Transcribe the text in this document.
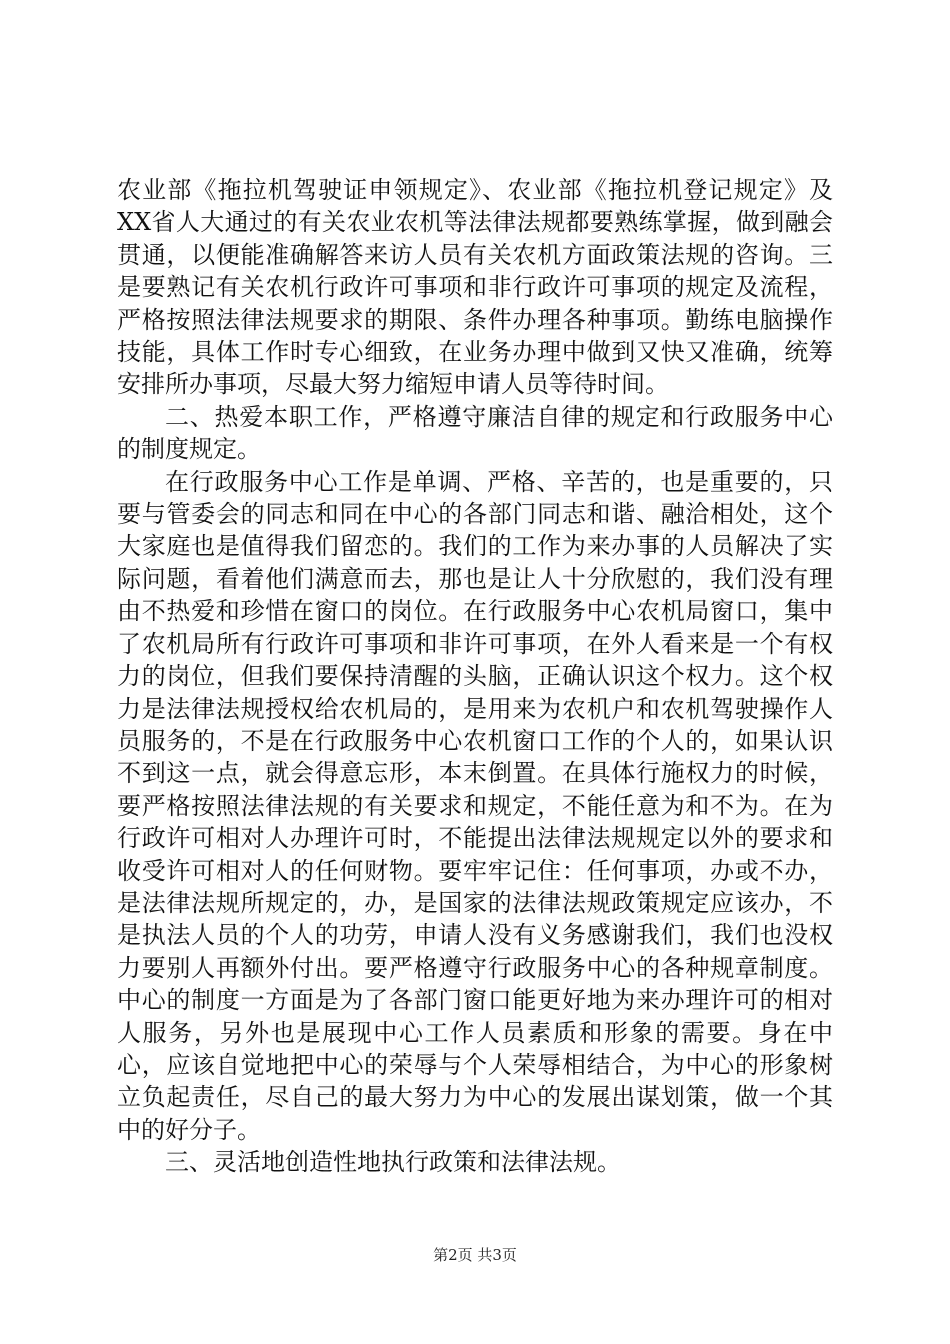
农业部《拖拉机驾驶证申领规定》、农业部《拖拉机登记规定》及XX省人大通过的有关农业农机等法律法规都要熟练掌握，做到融会贯通，以便能准确解答来访人员有关农机方面政策法规的咨询。三是要熟记有关农机行政许可事项和非行政许可事项的规定及流程，严格按照法律法规要求的期限、条件办理各种事项。勤练电脑操作技能，具体工作时专心细致，在业务办理中做到又快又准确，统筹安排所办事项，尽最大努力缩短申请人员等待时间。

二、热爱本职工作，严格遵守廉洁自律的规定和行政服务中心的制度规定。

在行政服务中心工作是单调、严格、辛苦的，也是重要的，只要与管委会的同志和同在中心的各部门同志和谐、融洽相处，这个大家庭也是值得我们留恋的。我们的工作为来办事的人员解决了实际问题，看着他们满意而去，那也是让人十分欣慰的，我们没有理由不热爱和珍惜在窗口的岗位。在行政服务中心农机局窗口，集中了农机局所有行政许可事项和非许可事项，在外人看来是一个有权力的岗位，但我们要保持清醒的头脑，正确认识这个权力。这个权力是法律法规授权给农机局的，是用来为农机户和农机驾驶操作人员服务的，不是在行政服务中心农机窗口工作的个人的，如果认识不到这一点，就会得意忘形，本末倒置。在具体行施权力的时候，要严格按照法律法规的有关要求和规定，不能任意为和不为。在为行政许可相对人办理许可时，不能提出法律法规规定以外的要求和收受许可相对人的任何财物。要牢牢记住：任何事项，办或不办，是法律法规所规定的，办，是国家的法律法规政策规定应该办，不是执法人员的个人的功劳，申请人没有义务感谢我们，我们也没权力要别人再额外付出。要严格遵守行政服务中心的各种规章制度。中心的制度一方面是为了各部门窗口能更好地为来办理许可的相对人服务，另外也是展现中心工作人员素质和形象的需要。身在中心，应该自觉地把中心的荣辱与个人荣辱相结合，为中心的形象树立负起责任，尽自己的最大努力为中心的发展出谋划策，做一个其中的好分子。

三、灵活地创造性地执行政策和法律法规。

第2页 共3页
